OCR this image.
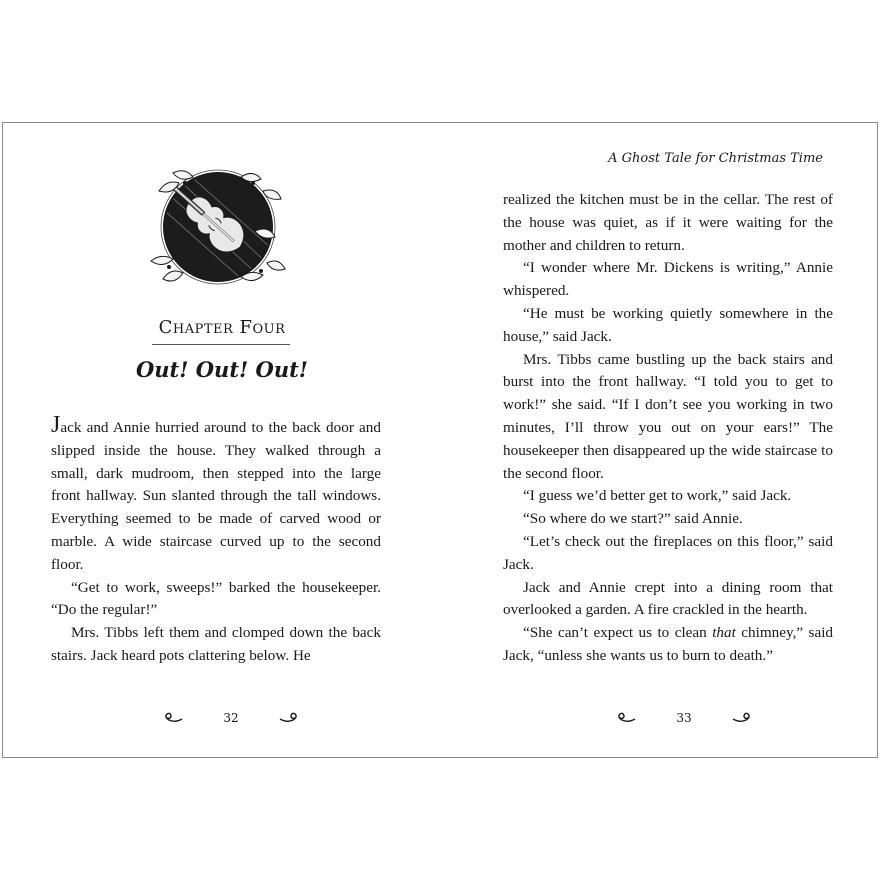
Chapter Four
Out! Out! Out!

Jack and Annie hurried around to the back door and slipped inside the house. They walked through a small, dark mudroom, then stepped into the large front hallway. Sun slanted through the tall windows. Everything seemed to be made of carved wood or marble. A wide staircase curved up to the second floor.

“Get to work, sweeps!” barked the housekeeper. “Do the regular!”

Mrs. Tibbs left them and clomped down the back stairs. Jack heard pots clattering below. He

32
A Ghost Tale for Christmas Time

realized the kitchen must be in the cellar. The rest of the house was quiet, as if it were waiting for the mother and children to return.

“I wonder where Mr. Dickens is writing,” Annie whispered.

“He must be working quietly somewhere in the house,” said Jack.

Mrs. Tibbs came bustling up the back stairs and burst into the front hallway. “I told you to get to work!” she said. “If I don’t see you working in two minutes, I’ll throw you out on your ears!” The housekeeper then disappeared up the wide staircase to the second floor.

“I guess we’d better get to work,” said Jack.

“So where do we start?” said Annie.

“Let’s check out the fireplaces on this floor,” said Jack.

Jack and Annie crept into a dining room that overlooked a garden. A fire crackled in the hearth.

“She can’t expect us to clean that chimney,” said Jack, “unless she wants us to burn to death.”

33
